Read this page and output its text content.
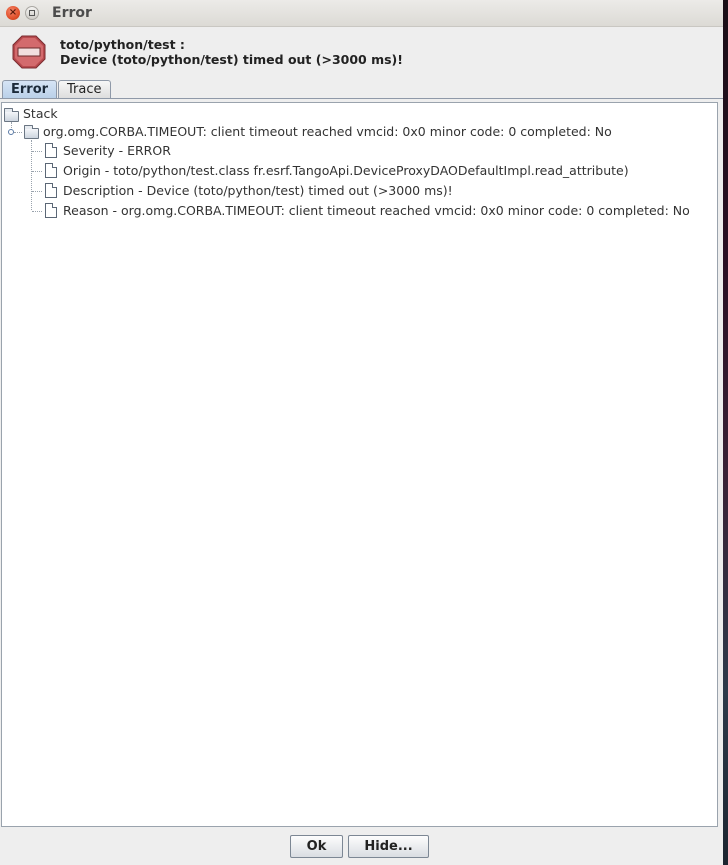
× Error
toto/python/test :
Device (toto/python/test) timed out (>3000 ms)!
Error	Trace
Stack
org.omg.CORBA.TIMEOUT: client timeout reached vmcid: 0x0 minor code: 0 completed: No
Severity - ERROR
Origin - toto/python/test.class fr.esrf.TangoApi.DeviceProxyDAODefaultImpl.read_attribute)
Description - Device (toto/python/test) timed out (>3000 ms)!
Reason - org.omg.CORBA.TIMEOUT: client timeout reached vmcid: 0x0 minor code: 0 completed: No
Ok	Hide...
